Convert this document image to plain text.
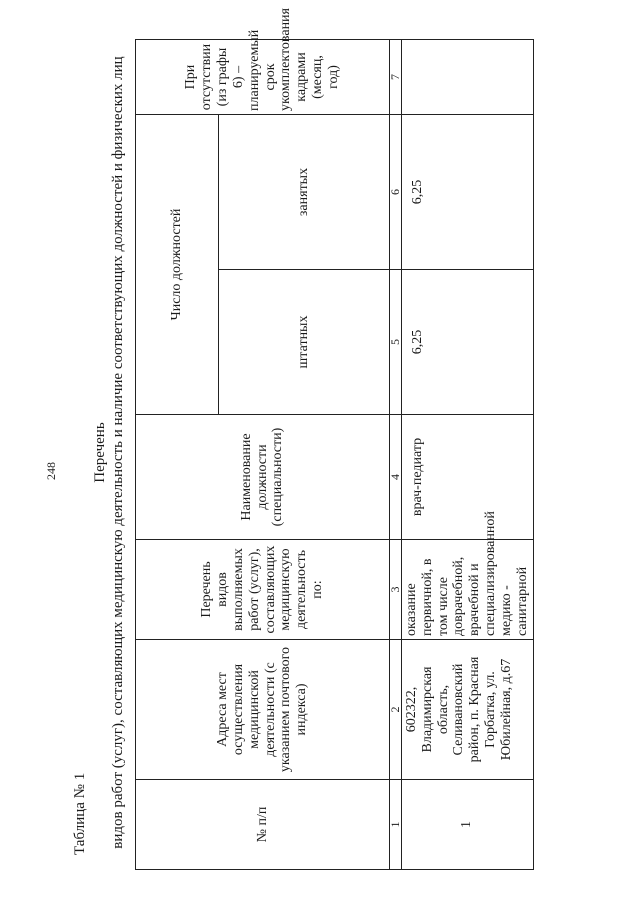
248
Таблица № 1
Перечень видов работ (услуг), составляющих медицинскую деятельность и наличие соответствующих должностей и физических лиц	№ п/п	Адреса мест осуществления медицинской деятельности (с указанием почтового индекса)	Перечень видов выполняемых работ (услуг), составляющих медицинскую деятельность по:	Наименование должности (специальности)	Число должностей		При отсутствии (из графы 6) – планируемый срок укомплектования кадрами (месяц, год)
				штатных	занятых	
1	2	3	4	5	6	7
1	602322, Владимирская область, Селивановский район, п. Красная Горбатка, ул. Юбилейная, д.67	оказание первичной, в том числе доврачебной, врачебной и специализированной медико - санитарной	врач-педиатр	6,25	6,25	
